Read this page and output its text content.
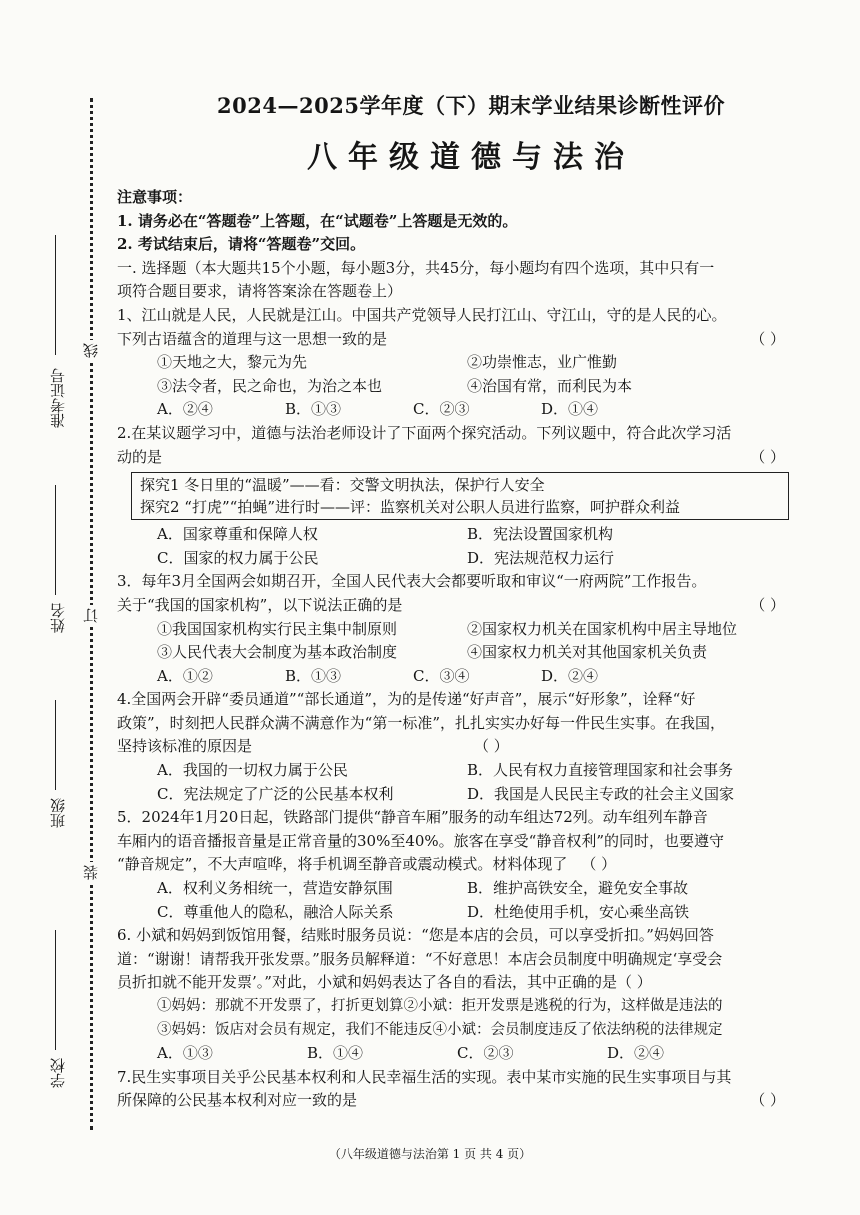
准考证号
姓名
班级
学校
线
订
装
2024—2025学年度（下）期末学业结果诊断性评价
八年级道德与法治

注意事项：

1. 请务必在“答题卷”上答题，在“试题卷”上答题是无效的。

2. 考试结束后，请将“答题卷”交回。

一. 选择题（本大题共15个小题，每小题3分，共45分，每小题均有四个选项，其中只有一

项符合题目要求，请将答案涂在答题卷上）

1、江山就是人民，人民就是江山。中国共产党领导人民打江山、守江山，守的是人民的心。

下列古语蕴含的道理与这一思想一致的是	（ ）

①天地之大，黎元为先	②功崇惟志，业广惟勤
③法令者，民之命也，为治之本也	④治国有常，而利民为本
A．②④	B．①③	C．②③	D．①④

2.在某议题学习中，道德与法治老师设计了下面两个探究活动。下列议题中，符合此次学习活

动的是	（ ）

探究1 冬日里的“温暖”——看：交警文明执法，保护行人安全

探究2 “打虎”“拍蝇”进行时——评：监察机关对公职人员进行监察，呵护群众利益

A．国家尊重和保障人权	B．宪法设置国家机构
C．国家的权力属于公民	D．宪法规范权力运行

3．每年3月全国两会如期召开，全国人民代表大会都要听取和审议“一府两院”工作报告。

关于“我国的国家机构”，以下说法正确的是	（ ）

①我国国家机构实行民主集中制原则	②国家权力机关在国家机构中居主导地位
③人民代表大会制度为基本政治制度	④国家权力机关对其他国家机关负责
A．①②	B．①③	C．③④	D．②④

4.全国两会开辟“委员通道”“部长通道”，为的是传递“好声音”，展示“好形象”，诠释“好

政策”，时刻把人民群众满不满意作为“第一标准”，扎扎实实办好每一件民生实事。在我国，

坚持该标准的原因是	（ ）

A．我国的一切权力属于公民	B．人民有权力直接管理国家和社会事务
C．宪法规定了广泛的公民基本权利	D．我国是人民民主专政的社会主义国家

5．2024年1月20日起，铁路部门提供“静音车厢”服务的动车组达72列。动车组列车静音

车厢内的语音播报音量是正常音量的30%至40%。旅客在享受“静音权利”的同时，也要遵守

“静音规定”，不大声喧哗，将手机调至静音或震动模式。材料体现了 （ ）

A．权利义务相统一，营造安静氛围	B．维护高铁安全，避免安全事故
C．尊重他人的隐私，融洽人际关系	D．杜绝使用手机，安心乘坐高铁

6. 小斌和妈妈到饭馆用餐，结账时服务员说：“您是本店的会员，可以享受折扣。”妈妈回答

道：“谢谢！请帮我开张发票。”服务员解释道：“不好意思！本店会员制度中明确规定‘享受会

员折扣就不能开发票’。”对此，小斌和妈妈表达了各自的看法，其中正确的是（ ）

①妈妈：那就不开发票了，打折更划算②小斌：拒开发票是逃税的行为，这样做是违法的

③妈妈：饭店对会员有规定，我们不能违反④小斌：会员制度违反了依法纳税的法律规定

A．①③	B．①④	C．②③	D．②④

7.民生实事项目关乎公民基本权利和人民幸福生活的实现。表中某市实施的民生实事项目与其

所保障的公民基本权利对应一致的是	（ ）

（八年级道德与法治第 1 页 共 4 页）
